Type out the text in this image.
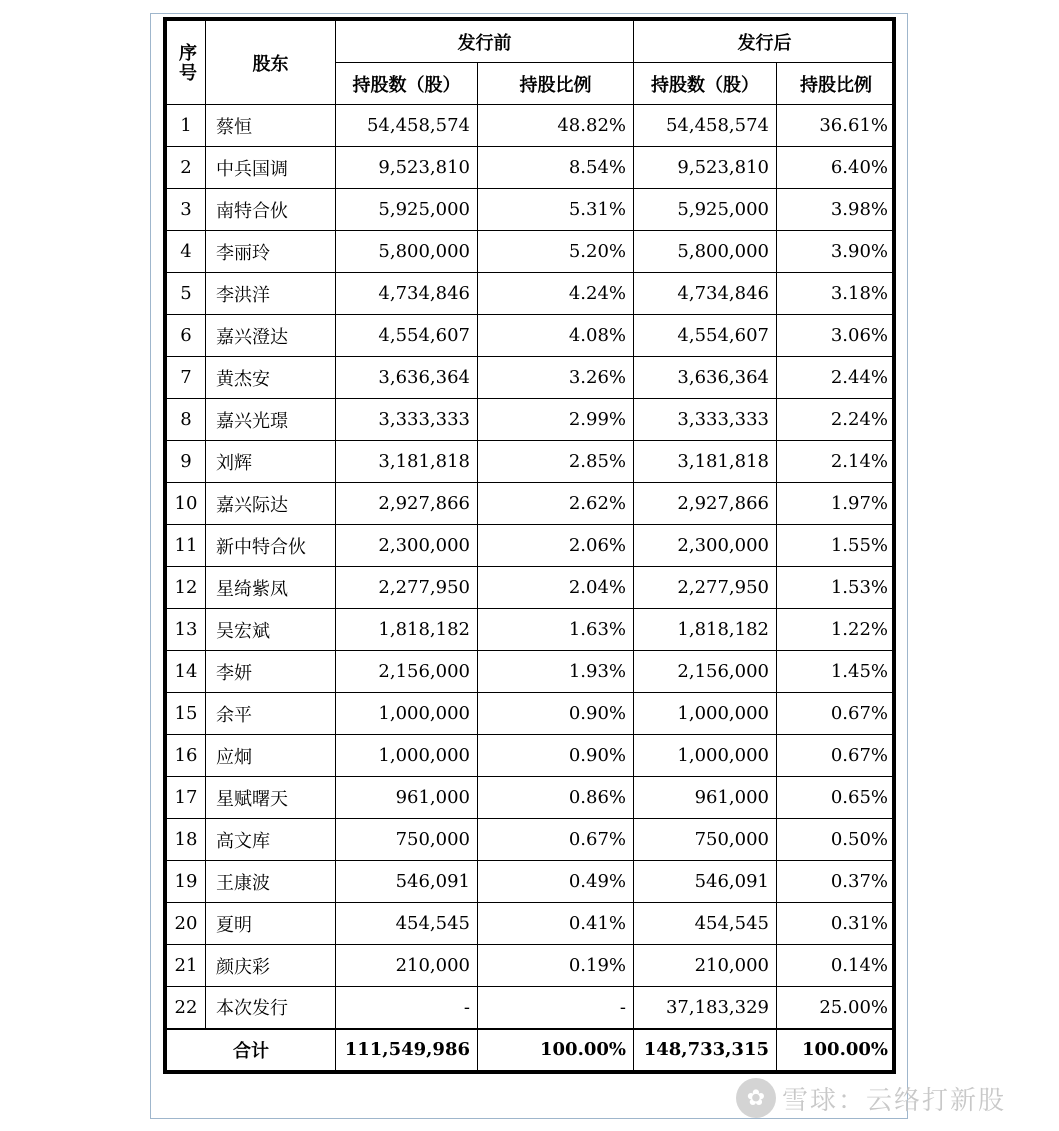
序号	股东	发行前		发行后	
		持股数（股）	持股比例	持股数（股）	持股比例
1	蔡恒	54,458,574	48.82%	54,458,574	36.61%
2	中兵国调	9,523,810	8.54%	9,523,810	6.40%
3	南特合伙	5,925,000	5.31%	5,925,000	3.98%
4	李丽玲	5,800,000	5.20%	5,800,000	3.90%
5	李洪洋	4,734,846	4.24%	4,734,846	3.18%
6	嘉兴澄达	4,554,607	4.08%	4,554,607	3.06%
7	黄杰安	3,636,364	3.26%	3,636,364	2.44%
8	嘉兴光璟	3,333,333	2.99%	3,333,333	2.24%
9	刘辉	3,181,818	2.85%	3,181,818	2.14%
10	嘉兴际达	2,927,866	2.62%	2,927,866	1.97%
11	新中特合伙	2,300,000	2.06%	2,300,000	1.55%
12	星绮紫凤	2,277,950	2.04%	2,277,950	1.53%
13	吴宏斌	1,818,182	1.63%	1,818,182	1.22%
14	李妍	2,156,000	1.93%	2,156,000	1.45%
15	余平	1,000,000	0.90%	1,000,000	0.67%
16	应炯	1,000,000	0.90%	1,000,000	0.67%
17	星赋曙天	961,000	0.86%	961,000	0.65%
18	高文库	750,000	0.67%	750,000	0.50%
19	王康波	546,091	0.49%	546,091	0.37%
20	夏明	454,545	0.41%	454,545	0.31%
21	颜庆彩	210,000	0.19%	210,000	0.14%
22	本次发行	-	-	37,183,329	25.00%
合计		111,549,986	100.00%	148,733,315	100.00%
✿ 雪球：云络打新股
